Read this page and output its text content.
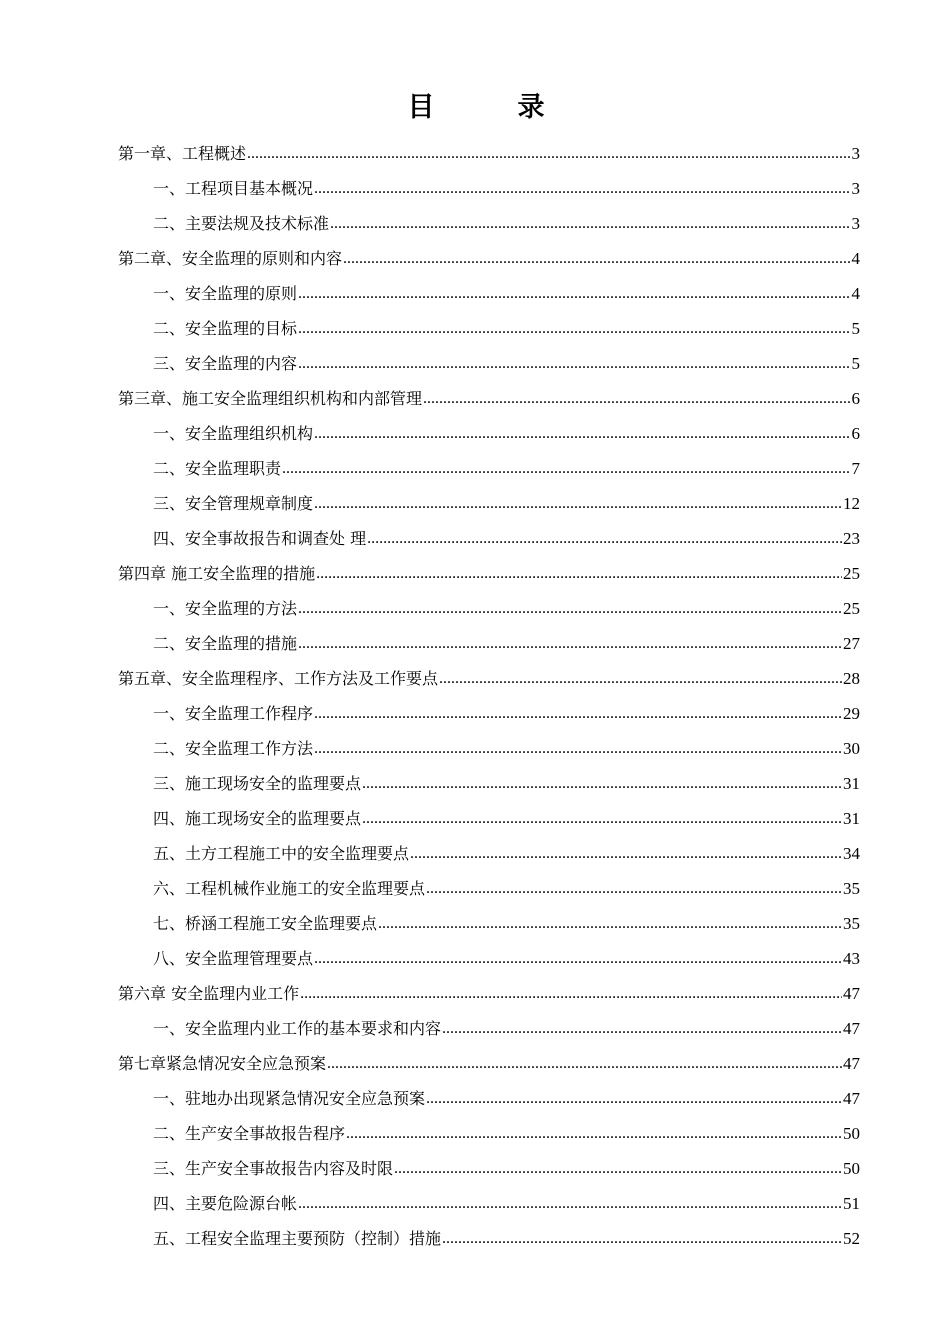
目　录
第一章、工程概述 .....	3
一、工程项目基本概况 .....	3
二、主要法规及技术标准 .....	3
第二章、安全监理的原则和内容 .....	4
一、安全监理的原则 .....	4
二、安全监理的目标 .....	5
三、安全监理的内容 .....	5
第三章、施工安全监理组织机构和内部管理 .....	6
一、安全监理组织机构 .....	6
二、安全监理职责 .....	7
三、安全管理规章制度 .....	12
四、安全事故报告和调查处 理 .....	23
第四章 施工安全监理的措施 .....	25
一、安全监理的方法 .....	25
二、安全监理的措施 .....	27
第五章、安全监理程序、工作方法及工作要点 .....	28
一、安全监理工作程序 .....	29
二、安全监理工作方法 .....	30
三、施工现场安全的监理要点 .....	31
四、施工现场安全的监理要点 .....	31
五、土方工程施工中的安全监理要点 .....	34
六、工程机械作业施工的安全监理要点 .....	35
七、桥涵工程施工安全监理要点 .....	35
八、安全监理管理要点 .....	43
第六章 安全监理内业工作 .....	47
一、安全监理内业工作的基本要求和内容 .....	47
第七章紧急情况安全应急预案 .....	47
一、驻地办出现紧急情况安全应急预案 .....	47
二、生产安全事故报告程序 .....	50
三、生产安全事故报告内容及时限 .....	50
四、主要危险源台帐 .....	51
五、工程安全监理主要预防（控制）措施 .....	52
